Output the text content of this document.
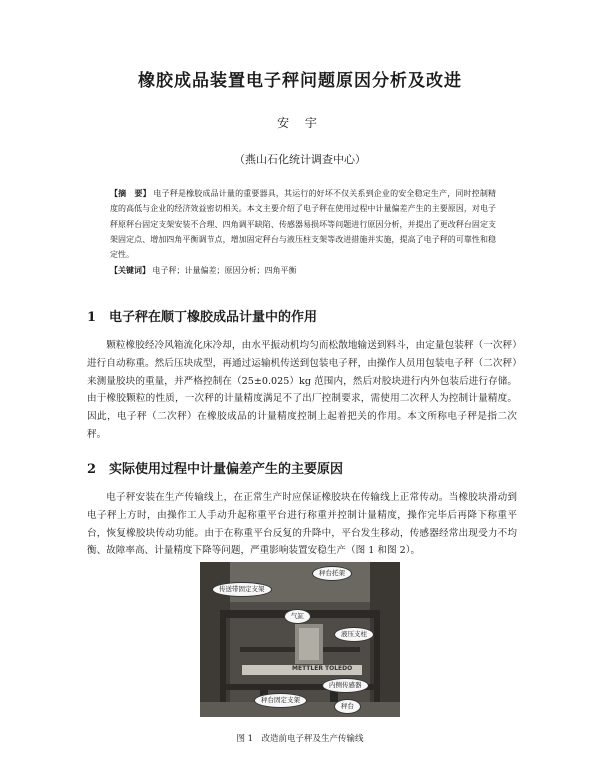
橡胶成品装置电子秤问题原因分析及改进
安 宇
（燕山石化统计调查中心）
【摘　要】 电子秤是橡胶成品计量的重要器具，其运行的好坏不仅关系到企业的安全稳定生产，同时控制精度的高低与企业的经济效益密切相关。本文主要介绍了电子秤在使用过程中计量偏差产生的主要原因，对电子秤原秤台固定支架安装不合理、四角调平缺陷、传感器易损坏等问题进行原因分析，并提出了更改秤台固定支架固定点、增加四角平衡调节点，增加固定秤台与液压柱支架等改进措施并实施，提高了电子秤的可靠性和稳定性。
【关键词】 电子秤；计量偏差；原因分析；四角平衡
1　电子秤在顺丁橡胶成品计量中的作用
颗粒橡胶经冷风箱流化床冷却，由水平振动机均匀而松散地输送到料斗，由定量包装秤（一次秤）进行自动称重。然后压块成型，再通过运输机传送到包装电子秤，由操作人员用包装电子秤（二次秤）来测量胶块的重量，并严格控制在（25±0.025）kg 范围内，然后对胶块进行内外包装后进行存储。由于橡胶颗粒的性质，一次秤的计量精度满足不了出厂控制要求，需使用二次秤人为控制计量精度。因此，电子秤（二次秤）在橡胶成品的计量精度控制上起着把关的作用。本文所称电子秤是指二次秤。
2　实际使用过程中计量偏差产生的主要原因
电子秤安装在生产传输线上，在正常生产时应保证橡胶块在传输线上正常传动。当橡胶块滑动到电子秤上方时，由操作工人手动升起称重平台进行称重并控制计量精度，操作完毕后再降下称重平台，恢复橡胶块传动功能。由于在称重平台反复的升降中，平台发生移动，传感器经常出现受力不均衡、故障率高、计量精度下降等问题，严重影响装置安稳生产（图 1 和图 2）。
秤台托架
传送带固定支架
气缸
液压支柱
METTLER TOLEDO
内侧传感器
秤台固定支架
秤台
图 1　改造前电子秤及生产传输线
